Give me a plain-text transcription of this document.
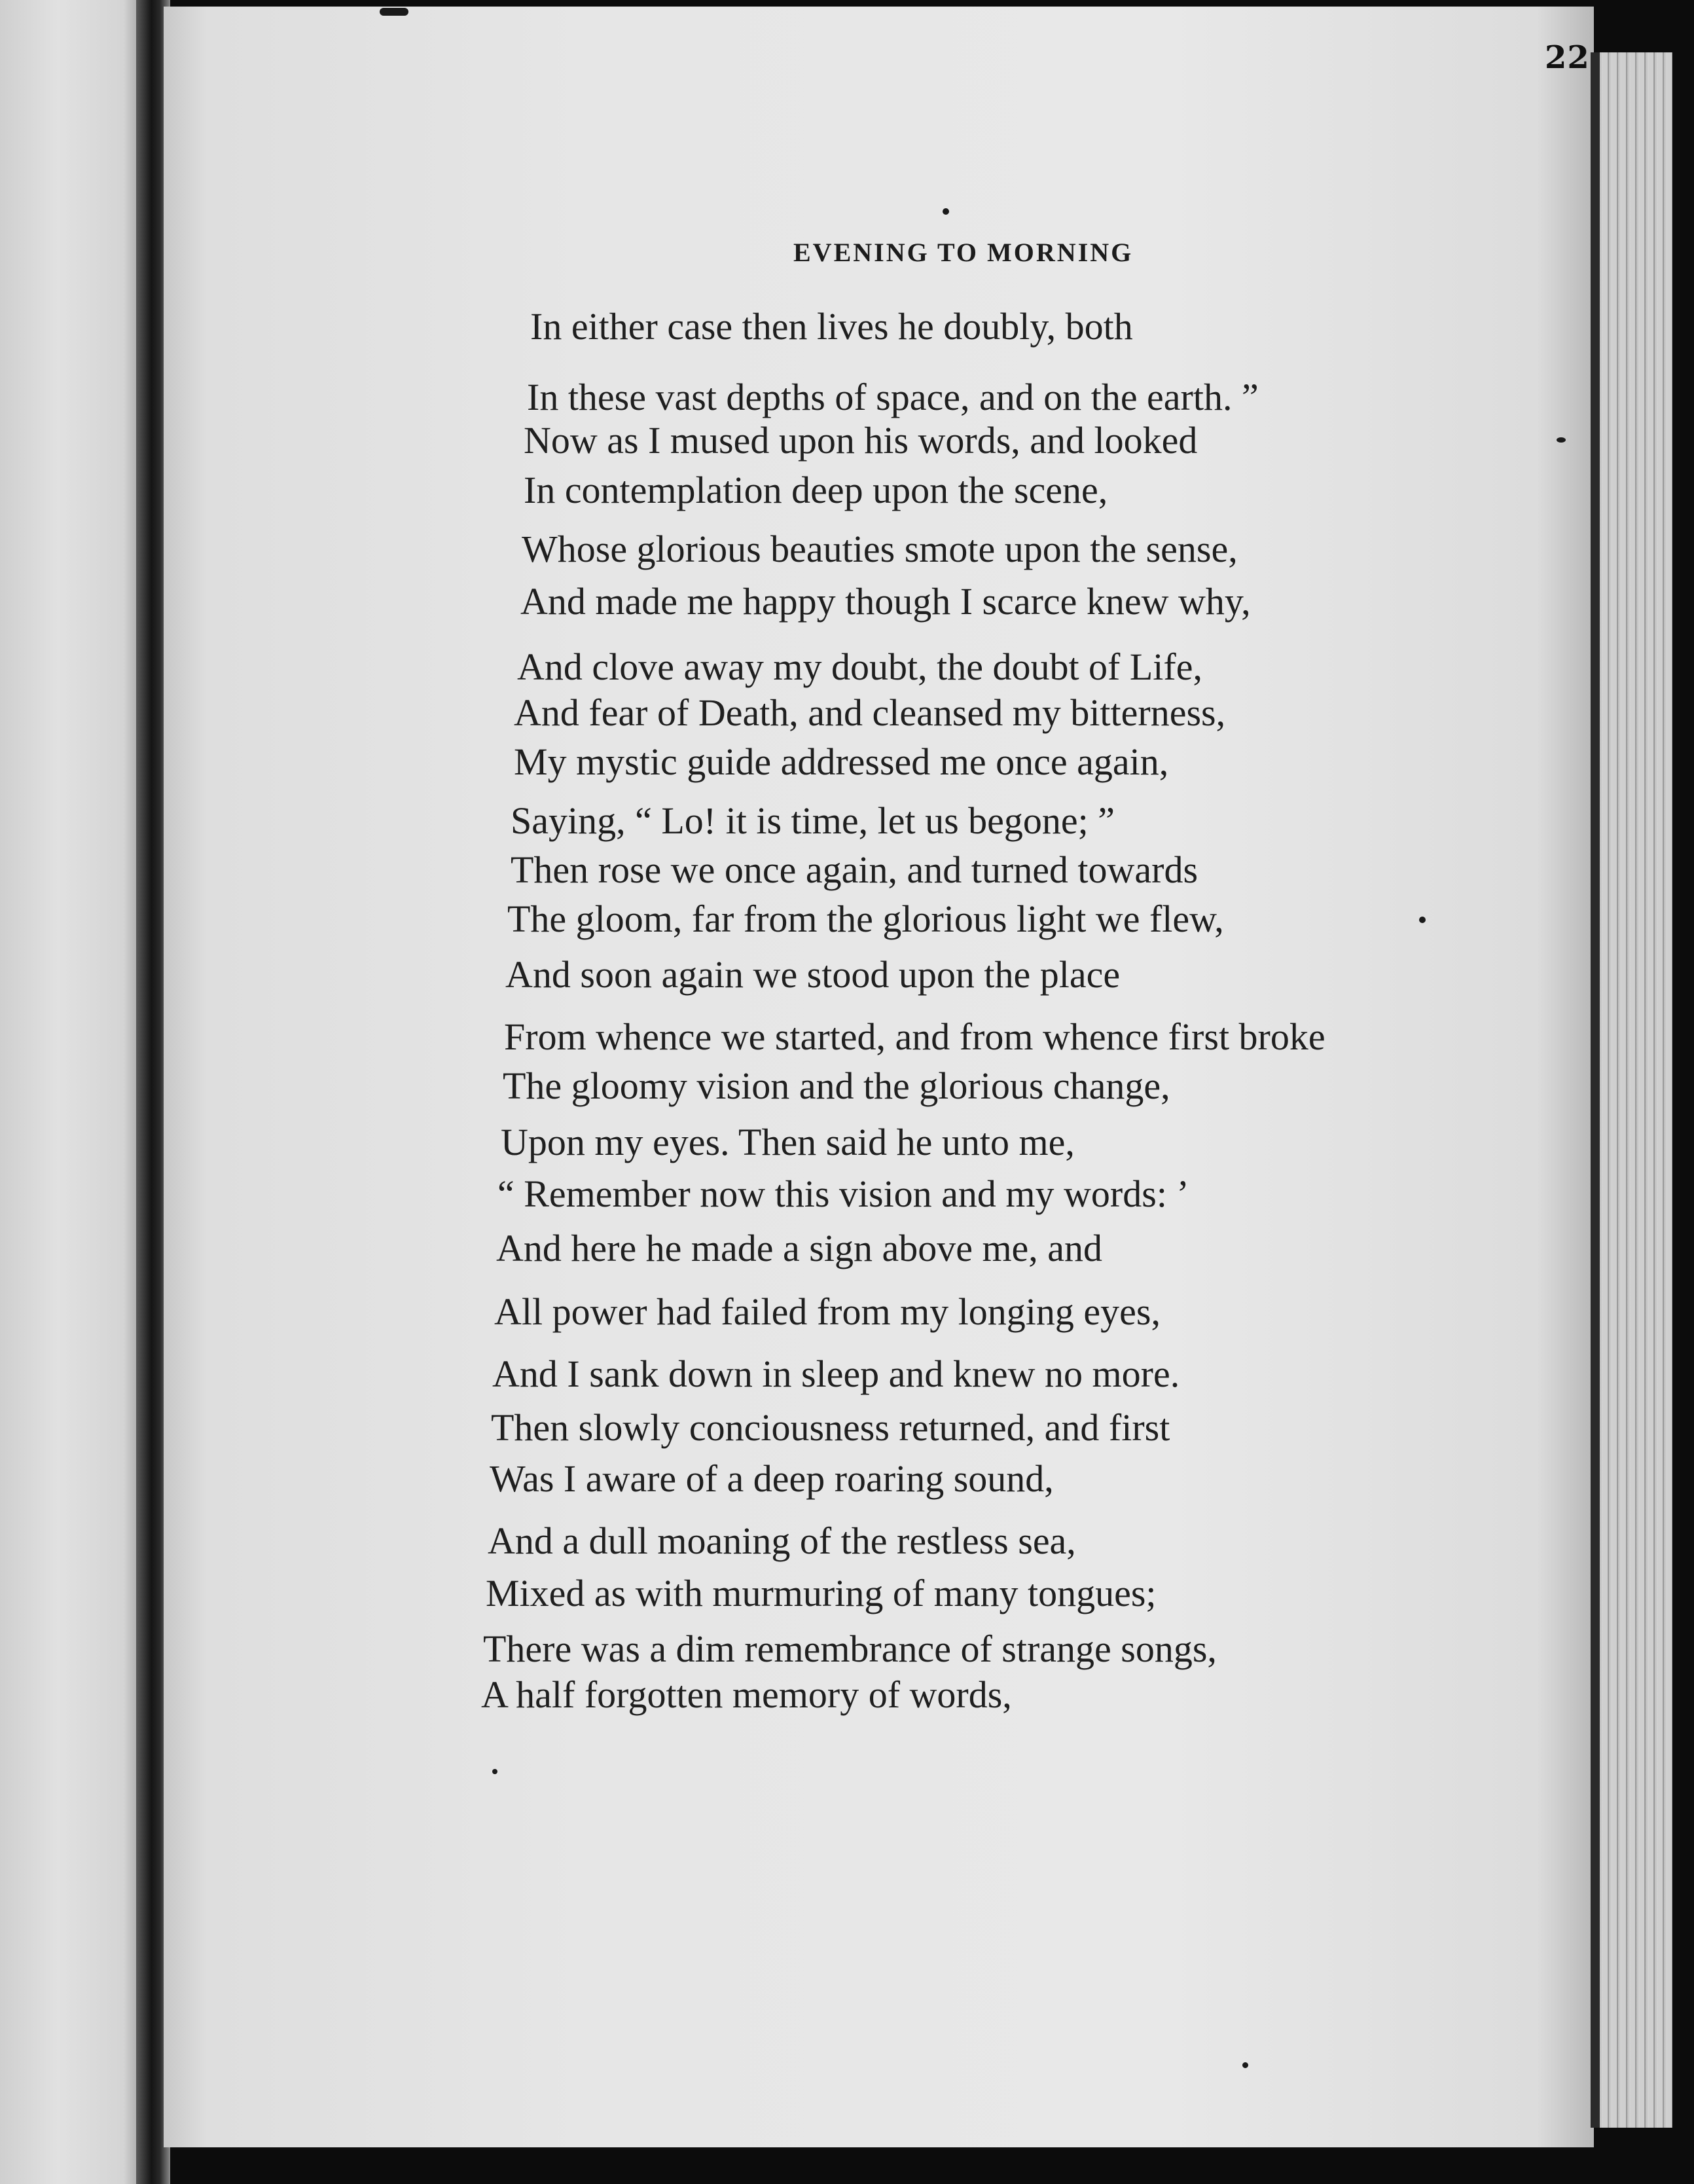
22
EVENING TO MORNING
In either case then lives he doubly, both
In these vast depths of space, and on the earth. ”
Now as I mused upon his words, and looked
In contemplation deep upon the scene,
Whose glorious beauties smote upon the sense,
And made me happy though I scarce knew why,
And clove away my doubt, the doubt of Life,
And fear of Death, and cleansed my bitterness,
My mystic guide addressed me once again,
Saying, “ Lo! it is time, let us begone; ”
Then rose we once again, and turned towards
The gloom, far from the glorious light we flew,
And soon again we stood upon the place
From whence we started, and from whence first broke
The gloomy vision and the glorious change,
Upon my eyes. Then said he unto me,
“ Remember now this vision and my words: ’
And here he made a sign above me, and
All power had failed from my longing eyes,
And I sank down in sleep and knew no more.
Then slowly conciousness returned, and first
Was I aware of a deep roaring sound,
And a dull moaning of the restless sea,
Mixed as with murmuring of many tongues;
There was a dim remembrance of strange songs,
A half forgotten memory of words,
